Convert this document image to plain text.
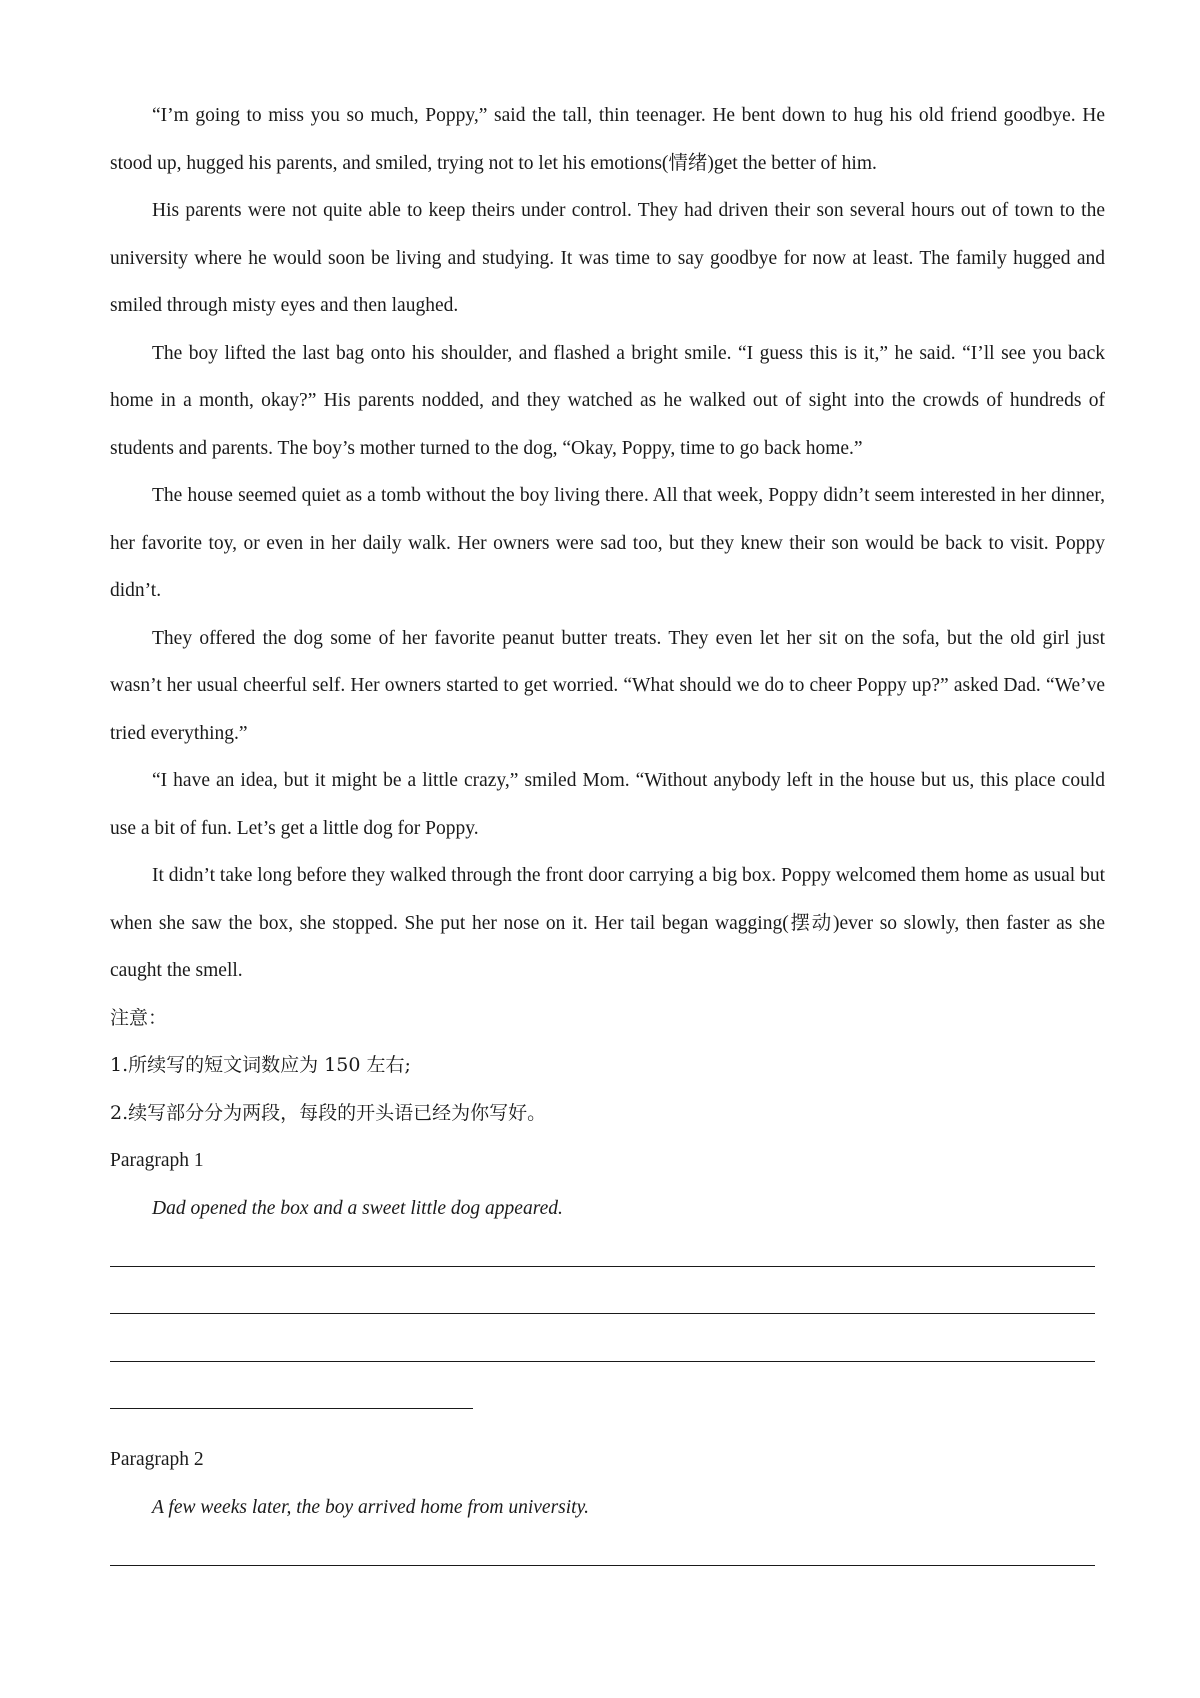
“I’m going to miss you so much, Poppy,” said the tall, thin teenager. He bent down to hug his old friend goodbye. He stood up, hugged his parents, and smiled, trying not to let his emotions(情绪)get the better of him.

His parents were not quite able to keep theirs under control. They had driven their son several hours out of town to the university where he would soon be living and studying. It was time to say goodbye for now at least. The family hugged and smiled through misty eyes and then laughed.

The boy lifted the last bag onto his shoulder, and flashed a bright smile. “I guess this is it,” he said. “I’ll see you back home in a month, okay?” His parents nodded, and they watched as he walked out of sight into the crowds of hundreds of students and parents. The boy’s mother turned to the dog, “Okay, Poppy, time to go back home.”

The house seemed quiet as a tomb without the boy living there. All that week, Poppy didn’t seem interested in her dinner, her favorite toy, or even in her daily walk. Her owners were sad too, but they knew their son would be back to visit. Poppy didn’t.

They offered the dog some of her favorite peanut butter treats. They even let her sit on the sofa, but the old girl just wasn’t her usual cheerful self. Her owners started to get worried. “What should we do to cheer Poppy up?” asked Dad. “We’ve tried everything.”

“I have an idea, but it might be a little crazy,” smiled Mom. “Without anybody left in the house but us, this place could use a bit of fun. Let’s get a little dog for Poppy.

It didn’t take long before they walked through the front door carrying a big box. Poppy welcomed them home as usual but when she saw the box, she stopped. She put her nose on it. Her tail began wagging(摆动)ever so slowly, then faster as she caught the smell.

注意：
1.所续写的短文词数应为 150 左右;
2.续写部分分为两段，每段的开头语已经为你写好。
Paragraph 1
Dad opened the box and a sweet little dog appeared.
Paragraph 2
A few weeks later, the boy arrived home from university.
